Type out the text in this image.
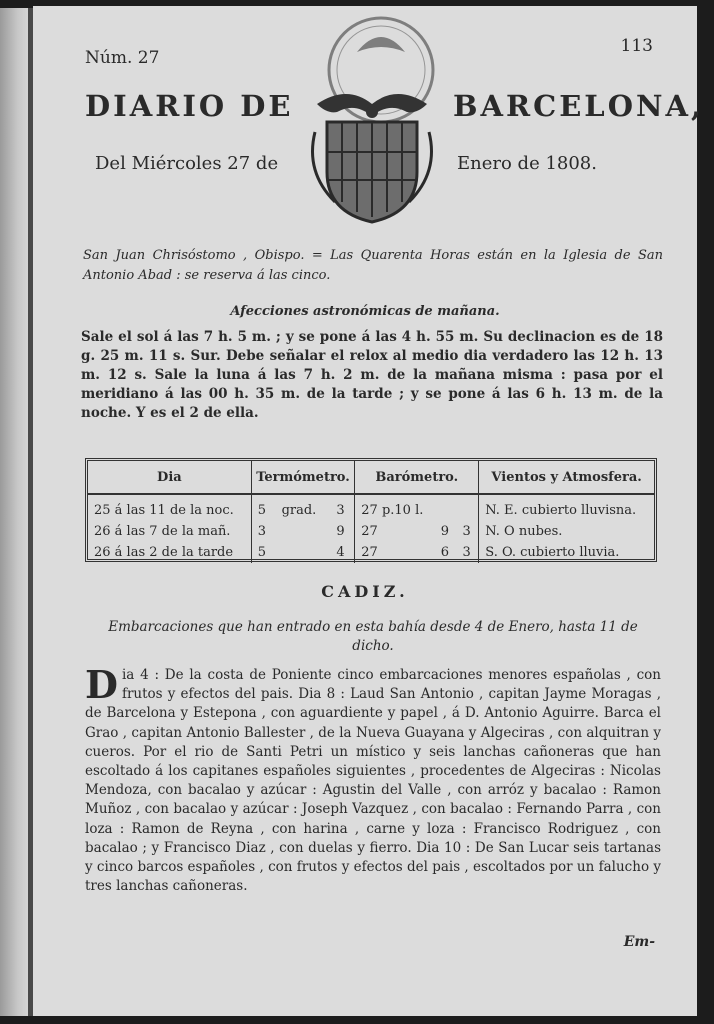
Núm. 27
113
DIARIO DE	BARCELONA,
Del Miércoles 27 de	Enero de 1808.
San Juan Chrisóstomo , Obispo. = Las Quarenta Horas están en la Iglesia de San Antonio Abad : se reserva á las cinco.
Afecciones astronómicas de mañana.
Sale el sol á las 7 h. 5 m. ; y se pone á las 4 h. 55 m. Su declinacion es de 18 g. 25 m. 11 s. Sur. Debe señalar el relox al medio dia verdadero las 12 h. 13 m. 12 s. Sale la luna á las 7 h. 2 m. de la mañana misma : pasa por el meridiano á las 00 h. 35 m. de la tarde ; y se pone á las 6 h. 13 m. de la noche. Y es el 2 de ella.
Dia	Termómetro.			Barómetro.			Vientos y Atmosfera.
25 á las 11 de la noc.	5	grad.	3	27 p.10 l.			N. E. cubierto lluvisna.
26 á las 7 de la mañ.	3		9	27	9	3	N. O nubes.
26 á las 2 de la tarde	5		4	27	6	3	S. O. cubierto lluvia.
CADIZ.
Embarcaciones que han entrado en esta bahía desde 4 de Enero, hasta 11 de dicho.
Dia 4 : De la costa de Poniente cinco embarcaciones menores españolas , con frutos y efectos del pais. Dia 8 : Laud San Antonio , capitan Jayme Moragas , de Barcelona y Estepona , con aguardiente y papel , á D. Antonio Aguirre. Barca el Grao , capitan Antonio Ballester , de la Nueva Guayana y Algeciras , con alquitran y cueros. Por el rio de Santi Petri un místico y seis lanchas cañoneras que han escoltado á los capitanes españoles siguientes , procedentes de Algeciras : Nicolas Mendoza, con bacalao y azúcar : Agustin del Valle , con arróz y bacalao : Ramon Muñoz , con bacalao y azúcar : Joseph Vazquez , con bacalao : Fernando Parra , con loza : Ramon de Reyna , con harina , carne y loza : Francisco Rodriguez , con bacalao ; y Francisco Diaz , con duelas y fierro. Dia 10 : De San Lucar seis tartanas y cinco barcos españoles , con frutos y efectos del pais , escoltados por un falucho y tres lanchas cañoneras.
Em-
